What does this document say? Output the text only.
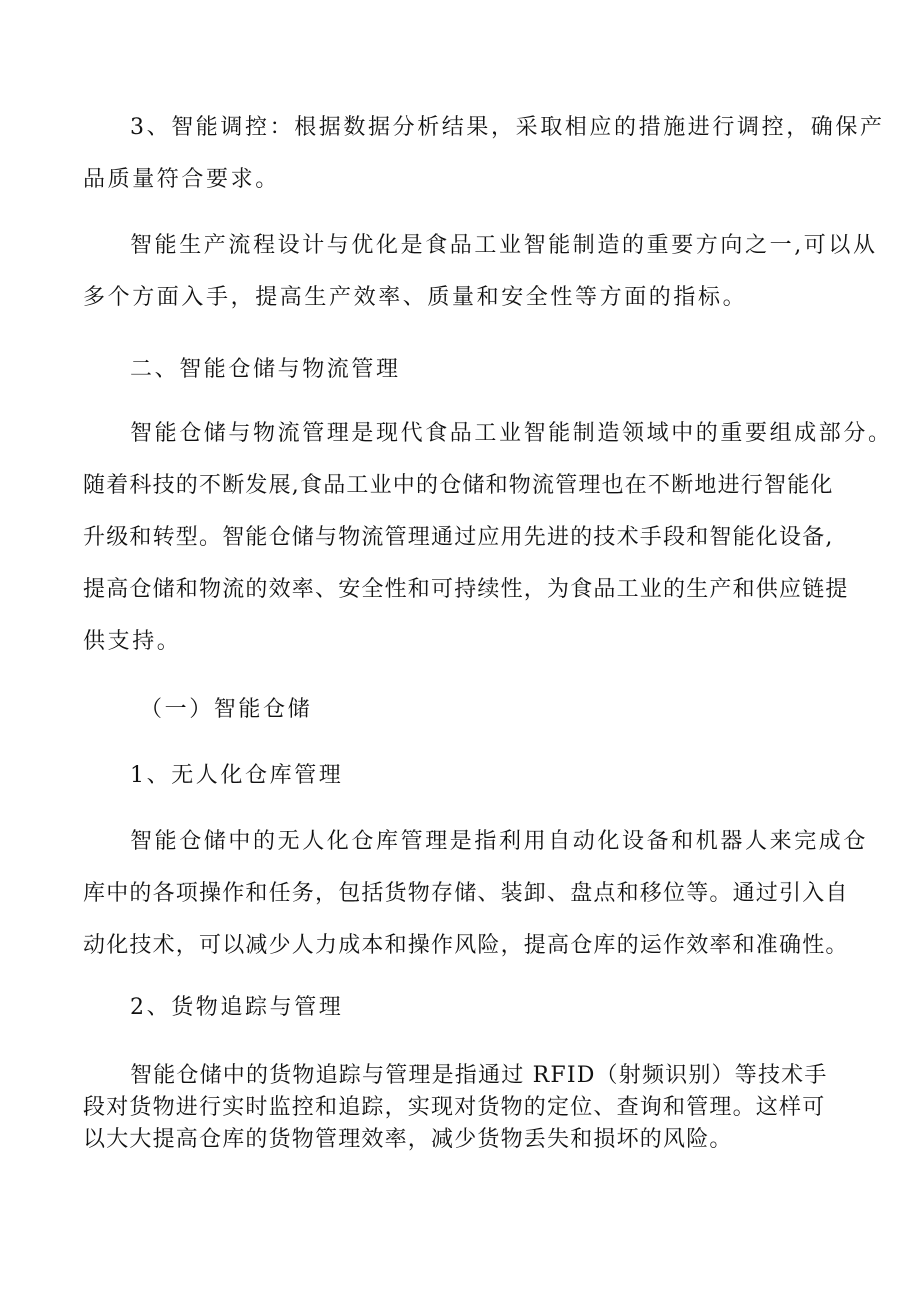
3、智能调控：根据数据分析结果，采取相应的措施进行调控，确保产
品质量符合要求。
智能生产流程设计与优化是食品工业智能制造的重要方向之一,可以从
多个方面入手，提高生产效率、质量和安全性等方面的指标。
二、智能仓储与物流管理
智能仓储与物流管理是现代食品工业智能制造领域中的重要组成部分。
随着科技的不断发展,食品工业中的仓储和物流管理也在不断地进行智能化
升级和转型。智能仓储与物流管理通过应用先进的技术手段和智能化设备,
提高仓储和物流的效率、安全性和可持续性，为食品工业的生产和供应链提
供支持。
（一）智能仓储
1、无人化仓库管理
智能仓储中的无人化仓库管理是指利用自动化设备和机器人来完成仓
库中的各项操作和任务，包括货物存储、装卸、盘点和移位等。通过引入自
动化技术，可以减少人力成本和操作风险，提高仓库的运作效率和准确性。
2、货物追踪与管理
智能仓储中的货物追踪与管理是指通过 RFID（射频识别）等技术手
段对货物进行实时监控和追踪，实现对货物的定位、查询和管理。这样可
以大大提高仓库的货物管理效率，减少货物丢失和损坏的风险。
